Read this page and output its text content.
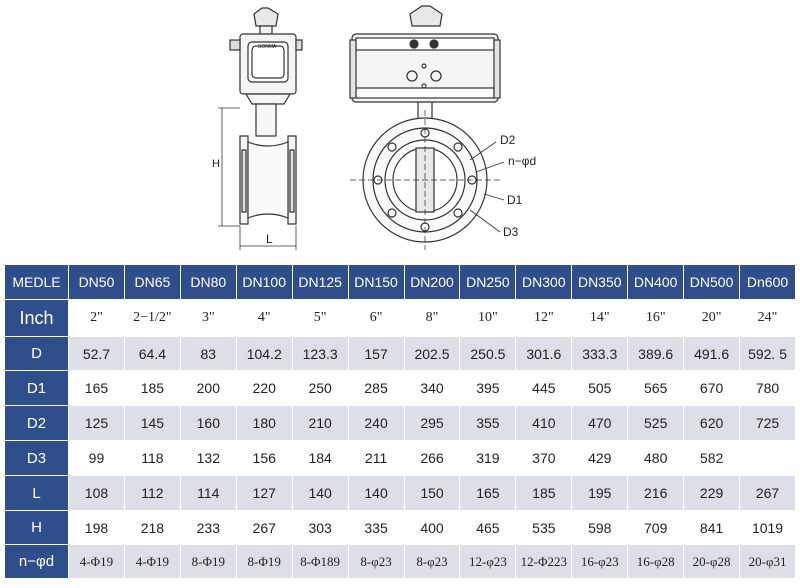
D2
n−φd
D1
D3
H
L
SONMA
MEDLE	DN50	DN65	DN80	DN100	DN125	DN150	DN200	DN250	DN300	DN350	DN400	DN500	Dn600
Inch	2"	2−1/2"	3"	4"	5"	6"	8"	10"	12"	14"	16"	20"	24"
D	52.7	64.4	83	104.2	123.3	157	202.5	250.5	301.6	333.3	389.6	491.6	592. 5
D1	165	185	200	220	250	285	340	395	445	505	565	670	780
D2	125	145	160	180	210	240	295	355	410	470	525	620	725
D3	99	118	132	156	184	211	266	319	370	429	480	582	
L	108	112	114	127	140	140	150	165	185	195	216	229	267
H	198	218	233	267	303	335	400	465	535	598	709	841	1019
n−φd	4-Φ19	4-Φ19	8-Φ19	8-Φ19	8-Φ189	8-φ23	8-φ23	12-φ23	12-Φ223	16-φ23	16-φ28	20-φ28	20-φ31
